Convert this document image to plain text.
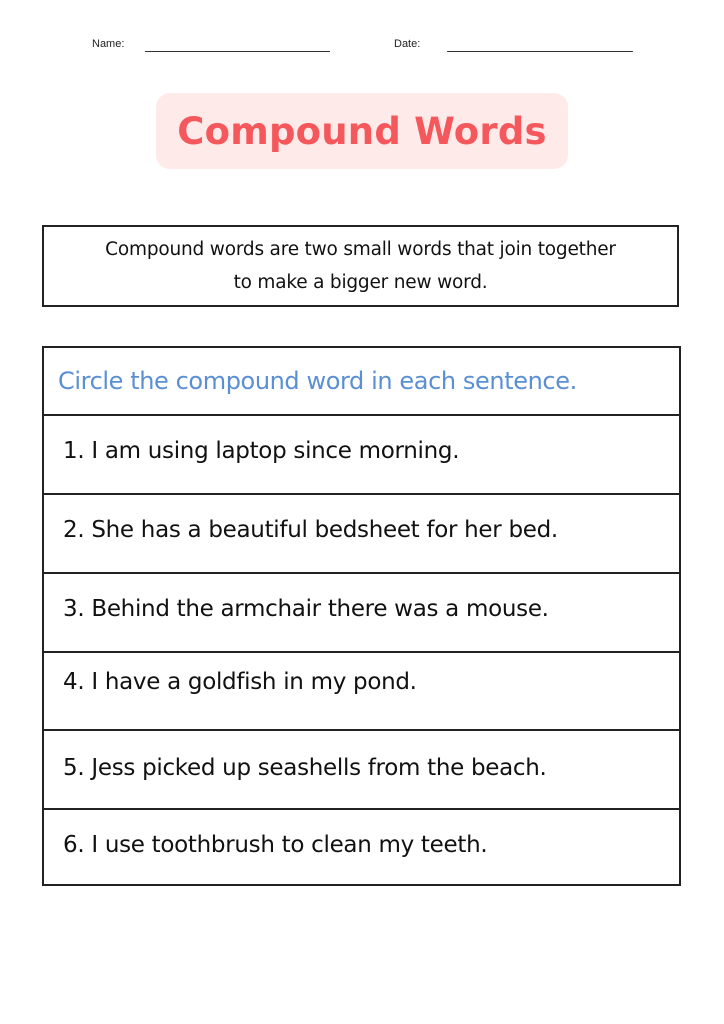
Name:	Date:
Compound Words
Compound words are two small words that join together
to make a bigger new word.
Circle the compound word in each sentence.
1. I am using laptop since morning.
2. She has a beautiful bedsheet for her bed.
3. Behind the armchair there was a mouse.
4. I have a goldfish in my pond.
5. Jess picked up seashells from the beach.
6. I use toothbrush to clean my teeth.
